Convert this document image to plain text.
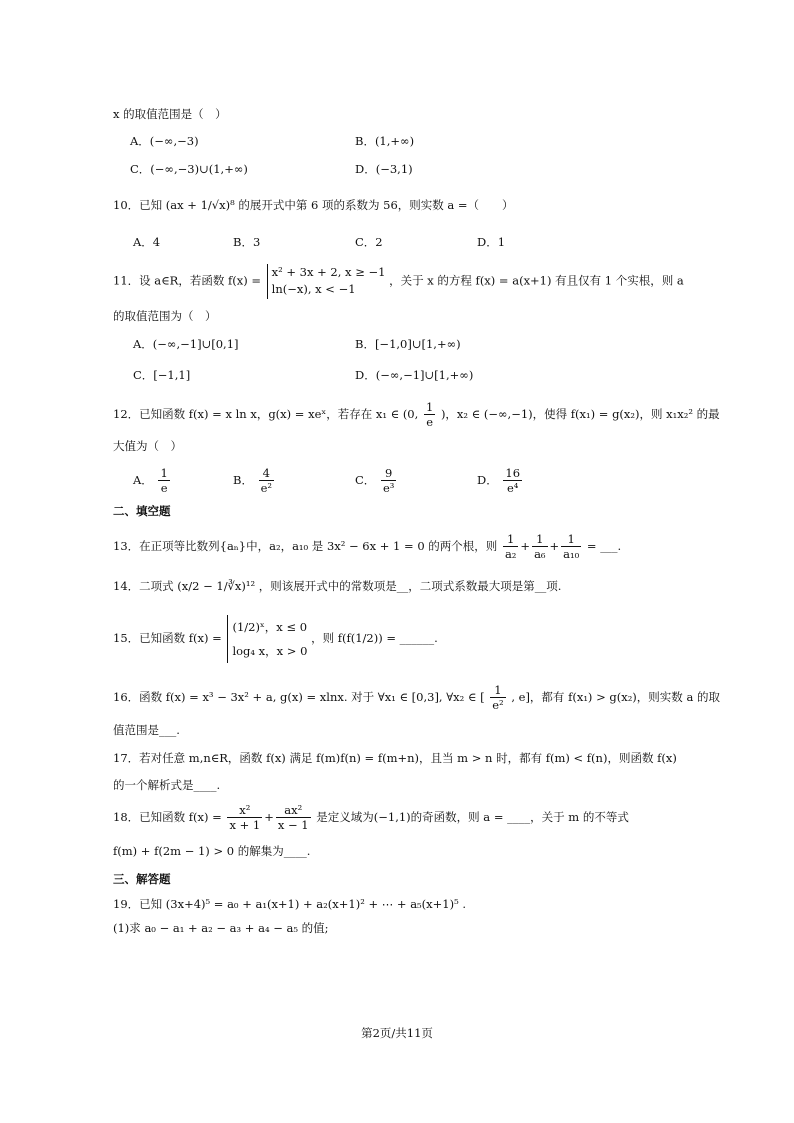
x 的取值范围是（　）
A．(−∞,−3)	B．(1,+∞)
C．(−∞,−3)∪(1,+∞)	D．(−3,1)
10．已知 (ax + 1/√x)⁸ 的展开式中第 6 项的系数为 56，则实数 a =（　　）
A．4	B．3	C．2	D．1
11．设 a∈R，若函数 f(x) =
x² + 3x + 2, x ≥ −1
ln(−x), x < −1
，关于 x 的方程 f(x) = a(x+1) 有且仅有 1 个实根，则 a
的取值范围为（　）
A．(−∞,−1]∪[0,1]	B．[−1,0]∪[1,+∞)
C．[−1,1]	D．(−∞,−1]∪[1,+∞)
12．已知函数 f(x) = x ln x，g(x) = xeˣ，若存在 x₁ ∈ (0, $\frac{1}{e}$ )，x₂ ∈ (−∞,−1)，使得 f(x₁) = g(x₂)，则 x₁x₂² 的最
大值为（　）
A． $\frac{1}{e}$	B． $\frac{4}{\text{e²}}$	C． $\frac{9}{\text{e³}}$	D． $\frac{16}{\text{e⁴}}$
二、填空题
13．在正项等比数列{aₙ}中，a₂，a₁₀ 是 3x² − 6x + 1 = 0 的两个根，则 $\frac{1}{\text{a₂}} + \frac{1}{\text{a₆}} + \frac{1}{\text{a₁₀}}$ = ___.
14．二项式 (x/2 − 1/∛x)¹² ，则该展开式中的常数项是__，二项式系数最大项是第__项.
15．已知函数 f(x) =
(1/2)ˣ，x ≤ 0
log₄ x，x > 0
，则 f(f(1/2)) = ______.
16．函数 f(x) = x³ − 3x² + a, g(x) = xlnx. 对于 ∀x₁ ∈ [0,3], ∀x₂ ∈ [ $\frac{1}{\text{e²}}$ , e]，都有 f(x₁) > g(x₂)，则实数 a 的取
值范围是___.
17．若对任意 m,n∈R，函数 f(x) 满足 f(m)f(n) = f(m+n)，且当 m > n 时，都有 f(m) < f(n)，则函数 f(x)
的一个解析式是____.
18．已知函数 $f(x) = \frac{\text{x²}}{x + 1} + \frac{\text{ax²}}{x - 1}$ 是定义域为(−1,1)的奇函数，则 a = ____，关于 m 的不等式
f(m) + f(2m − 1) > 0 的解集为____.
三、解答题
19．已知 (3x+4)⁵ = a₀ + a₁(x+1) + a₂(x+1)² + ⋯ + a₅(x+1)⁵ .
(1)求 a₀ − a₁ + a₂ − a₃ + a₄ − a₅ 的值;
第2页/共11页
